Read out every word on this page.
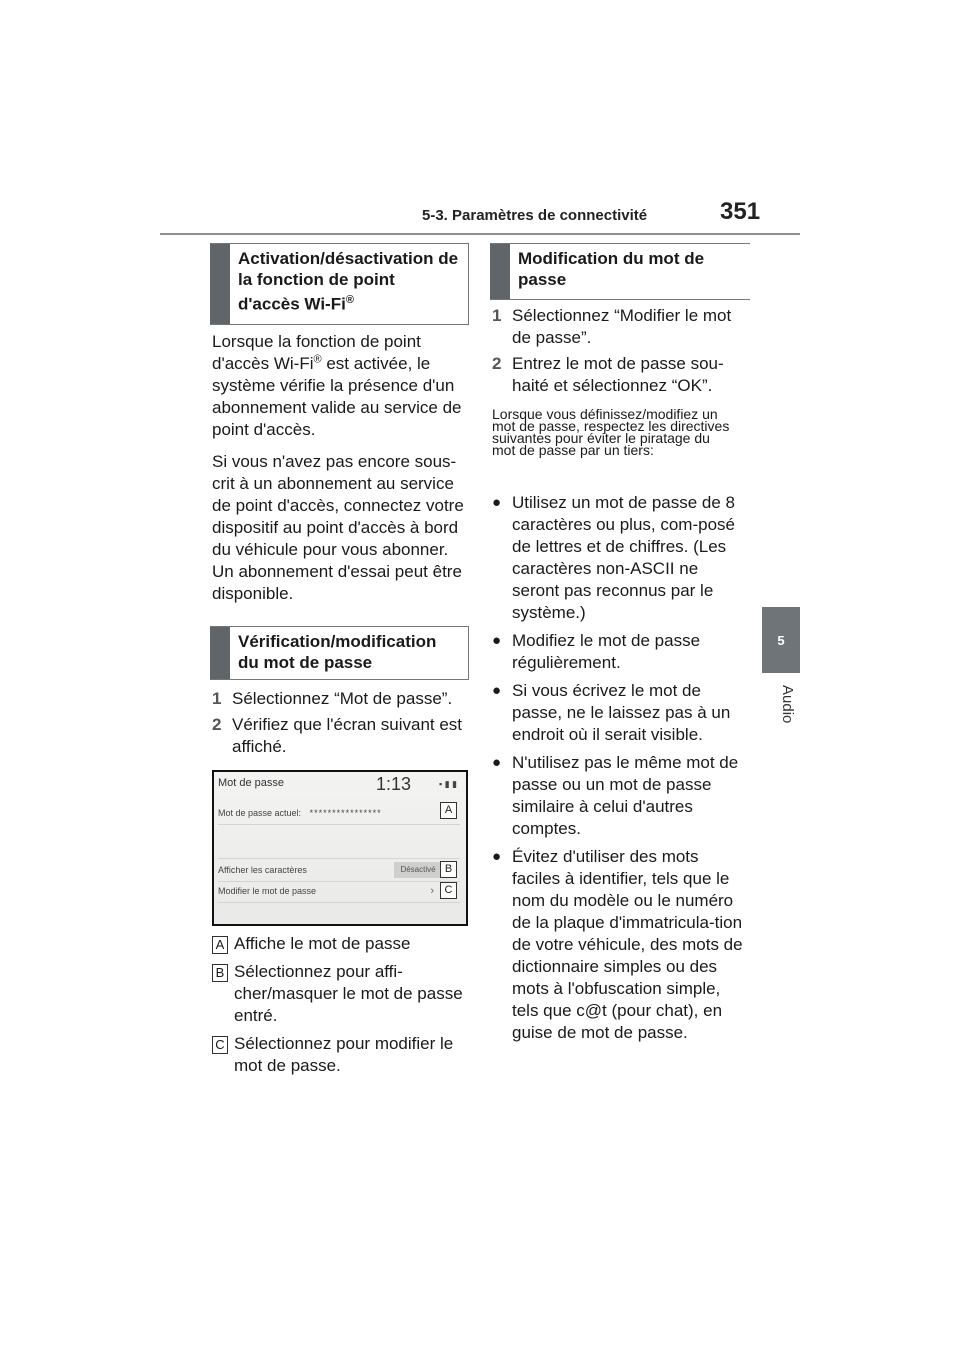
5-3. Paramètres de connectivité	351
5
Audio
Activation/désactivation de la fonction de point d'accès Wi-Fi®
Lorsque la fonction de point d'accès Wi-Fi® est activée, le système vérifie la présence d'un abonnement valide au service de point d'accès.
Si vous n'avez pas encore sous-crit à un abonnement au service de point d'accès, connectez votre dispositif au point d'accès à bord du véhicule pour vous abonner. Un abonnement d'essai peut être disponible.
Vérification/modification du mot de passe
1 Sélectionnez “Mot de passe”.
2 Vérifiez que l'écran suivant est affiché.
Mot de passe	1:13	▪ ▮ ▮
Mot de passe actuel: ****************
Afficher les caractères	Désactivé
Modifier le mot de passe	›
A
B
C
A Affiche le mot de passe
B Sélectionnez pour affi-cher/masquer le mot de passe entré.
C Sélectionnez pour modifier le mot de passe.
Modification du mot de passe
1 Sélectionnez “Modifier le mot de passe”.
2 Entrez le mot de passe sou-haité et sélectionnez “OK”.
Lorsque vous définissez/modifiez un mot de passe, respectez les directives suivantes pour éviter le piratage du mot de passe par un tiers:
● Utilisez un mot de passe de 8 caractères ou plus, com-posé de lettres et de chiffres. (Les caractères non-ASCII ne seront pas reconnus par le système.)
● Modifiez le mot de passe régulièrement.
● Si vous écrivez le mot de passe, ne le laissez pas à un endroit où il serait visible.
● N'utilisez pas le même mot de passe ou un mot de passe similaire à celui d'autres comptes.
● Évitez d'utiliser des mots faciles à identifier, tels que le nom du modèle ou le numéro de la plaque d'immatricula-tion de votre véhicule, des mots de dictionnaire simples ou des mots à l'obfuscation simple, tels que c@t (pour chat), en guise de mot de passe.
